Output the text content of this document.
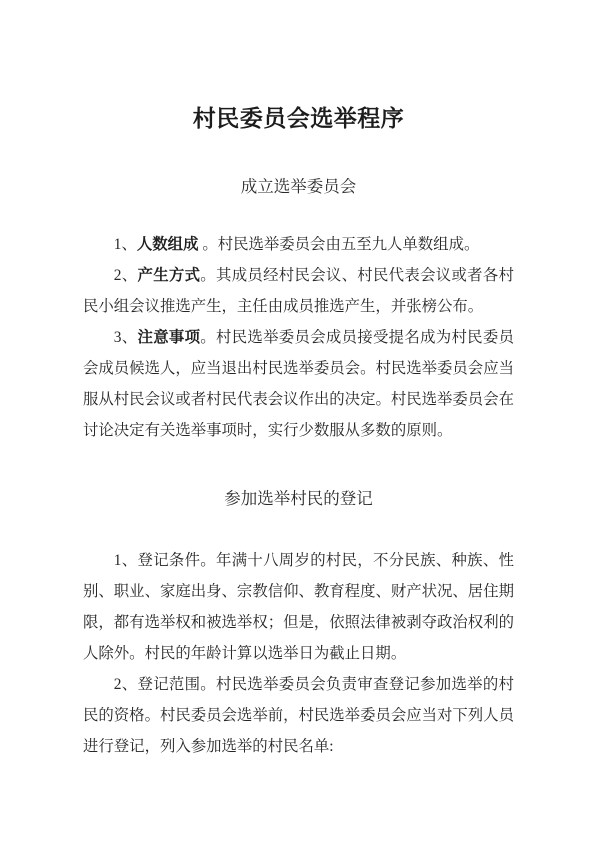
村民委员会选举程序
成立选举委员会

1、人数组成 。村民选举委员会由五至九人单数组成。

2、产生方式。其成员经村民会议、村民代表会议或者各村民小组会议推选产生，主任由成员推选产生，并张榜公布。

3、注意事项。村民选举委员会成员接受提名成为村民委员会成员候选人，应当退出村民选举委员会。村民选举委员会应当服从村民会议或者村民代表会议作出的决定。村民选举委员会在讨论决定有关选举事项时，实行少数服从多数的原则。

参加选举村民的登记

1、登记条件。年满十八周岁的村民，不分民族、种族、性别、职业、家庭出身、宗教信仰、教育程度、财产状况、居住期限，都有选举权和被选举权；但是，依照法律被剥夺政治权利的人除外。村民的年龄计算以选举日为截止日期。

2、登记范围。村民选举委员会负责审查登记参加选举的村民的资格。村民委员会选举前，村民选举委员会应当对下列人员进行登记，列入参加选举的村民名单:
